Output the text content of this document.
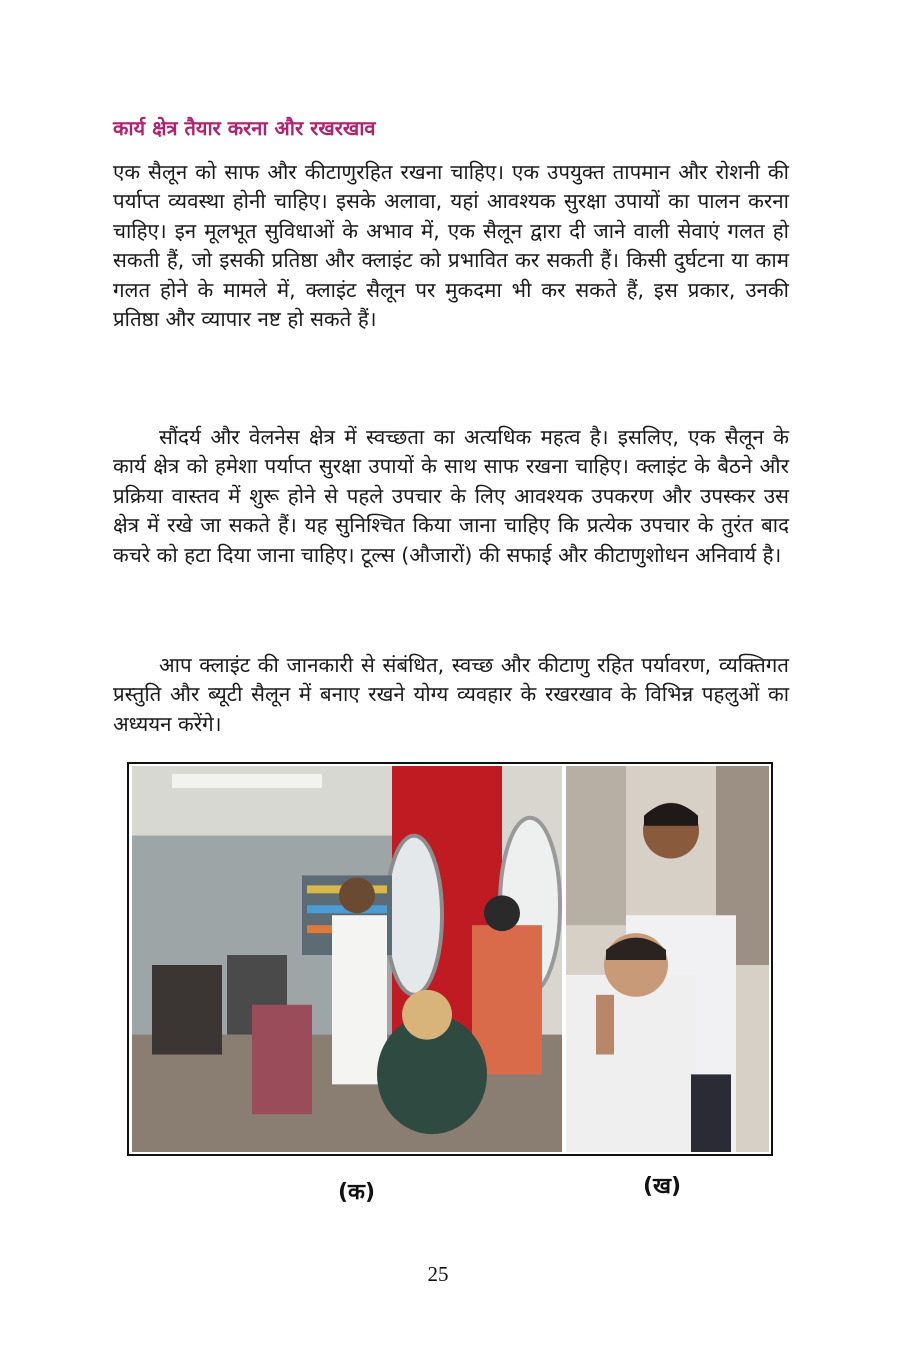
कार्य क्षेत्र तैयार करना और रखरखाव

एक सैलून को साफ और कीटाणुरहित रखना चाहिए। एक उपयुक्त तापमान और रोशनी की पर्याप्त व्यवस्था होनी चाहिए। इसके अलावा, यहां आवश्यक सुरक्षा उपायों का पालन करना चाहिए। इन मूलभूत सुविधाओं के अभाव में, एक सैलून द्वारा दी जाने वाली सेवाएं गलत हो सकती हैं, जो इसकी प्रतिष्ठा और क्लाइंट को प्रभावित कर सकती हैं। किसी दुर्घटना या काम गलत होने के मामले में, क्लाइंट सैलून पर मुकदमा भी कर सकते हैं, इस प्रकार, उनकी प्रतिष्ठा और व्यापार नष्ट हो सकते हैं।

सौंदर्य और वेलनेस क्षेत्र में स्वच्छता का अत्यधिक महत्व है। इसलिए, एक सैलून के कार्य क्षेत्र को हमेशा पर्याप्त सुरक्षा उपायों के साथ साफ रखना चाहिए। क्लाइंट के बैठने और प्रक्रिया वास्तव में शुरू होने से पहले उपचार के लिए आवश्यक उपकरण और उपस्कर उस क्षेत्र में रखे जा सकते हैं। यह सुनिश्चित किया जाना चाहिए कि प्रत्येक उपचार के तुरंत बाद कचरे को हटा दिया जाना चाहिए। टूल्स (औजारों) की सफाई और कीटाणुशोधन अनिवार्य है।

आप क्लाइंट की जानकारी से संबंधित, स्वच्छ और कीटाणु रहित पर्यावरण, व्यक्तिगत प्रस्तुति और ब्यूटी सैलून में बनाए रखने योग्य व्यवहार के रखरखाव के विभिन्न पहलुओं का अध्ययन करेंगे।

(क)	(ख)
25
